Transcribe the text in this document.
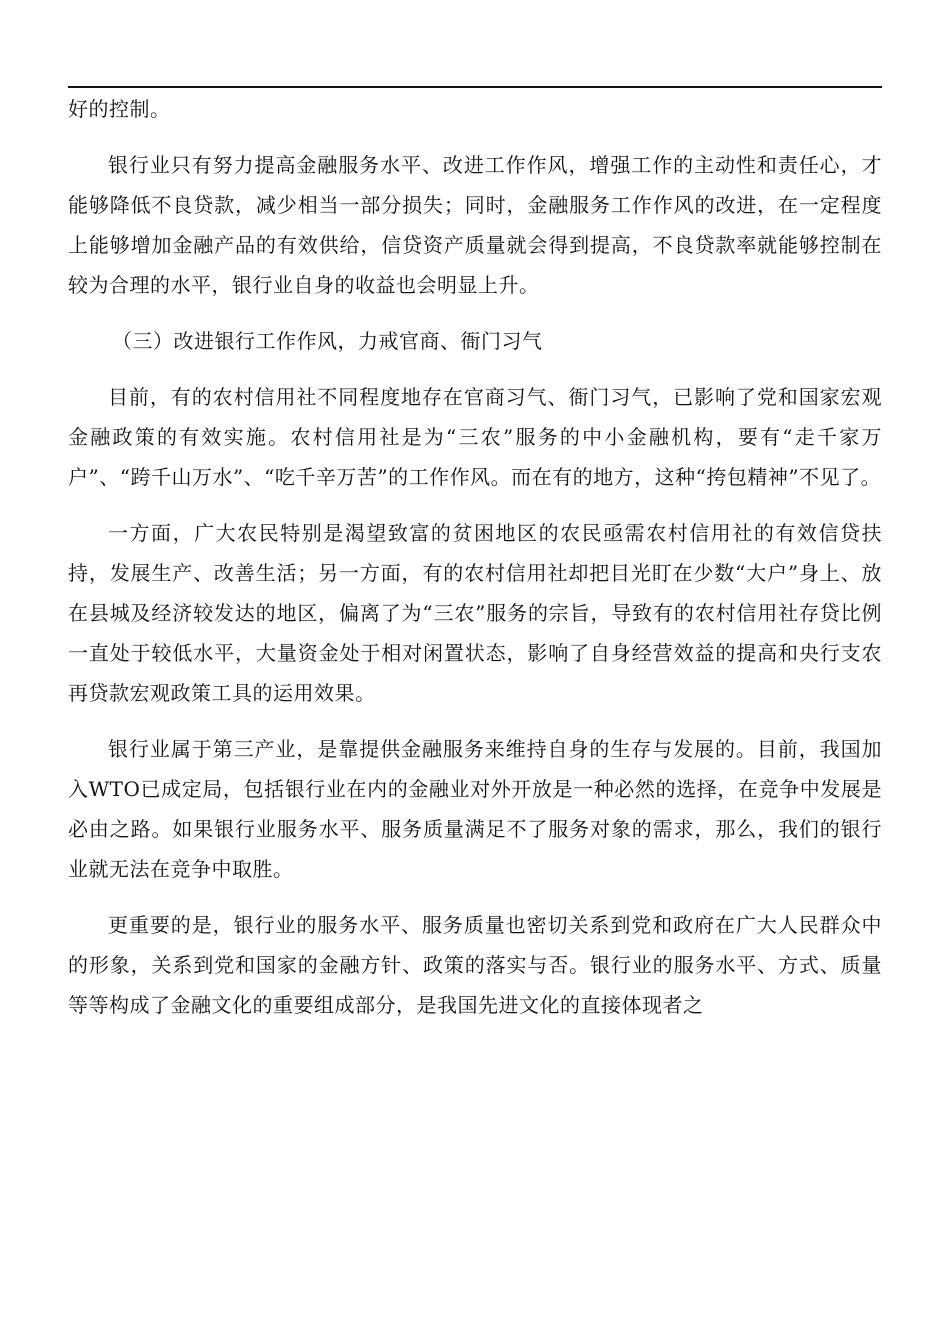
好的控制。

银行业只有努力提高金融服务水平、改进工作作风，增强工作的主动性和责任心，才能够降低不良贷款，减少相当一部分损失；同时，金融服务工作作风的改进，在一定程度上能够增加金融产品的有效供给，信贷资产质量就会得到提高，不良贷款率就能够控制在较为合理的水平，银行业自身的收益也会明显上升。

（三）改进银行工作作风，力戒官商、衙门习气

目前，有的农村信用社不同程度地存在官商习气、衙门习气，已影响了党和国家宏观金融政策的有效实施。农村信用社是为“三农”服务的中小金融机构，要有“走千家万户”、“跨千山万水”、“吃千辛万苦”的工作作风。而在有的地方，这种“挎包精神”不见了。

一方面，广大农民特别是渴望致富的贫困地区的农民亟需农村信用社的有效信贷扶持，发展生产、改善生活；另一方面，有的农村信用社却把目光盯在少数“大户”身上、放在县城及经济较发达的地区，偏离了为“三农”服务的宗旨，导致有的农村信用社存贷比例一直处于较低水平，大量资金处于相对闲置状态，影响了自身经营效益的提高和央行支农再贷款宏观政策工具的运用效果。

银行业属于第三产业，是靠提供金融服务来维持自身的生存与发展的。目前，我国加入WTO已成定局，包括银行业在内的金融业对外开放是一种必然的选择，在竞争中发展是必由之路。如果银行业服务水平、服务质量满足不了服务对象的需求，那么，我们的银行业就无法在竞争中取胜。

更重要的是，银行业的服务水平、服务质量也密切关系到党和政府在广大人民群众中的形象，关系到党和国家的金融方针、政策的落实与否。银行业的服务水平、方式、质量等等构成了金融文化的重要组成部分，是我国先进文化的直接体现者之
